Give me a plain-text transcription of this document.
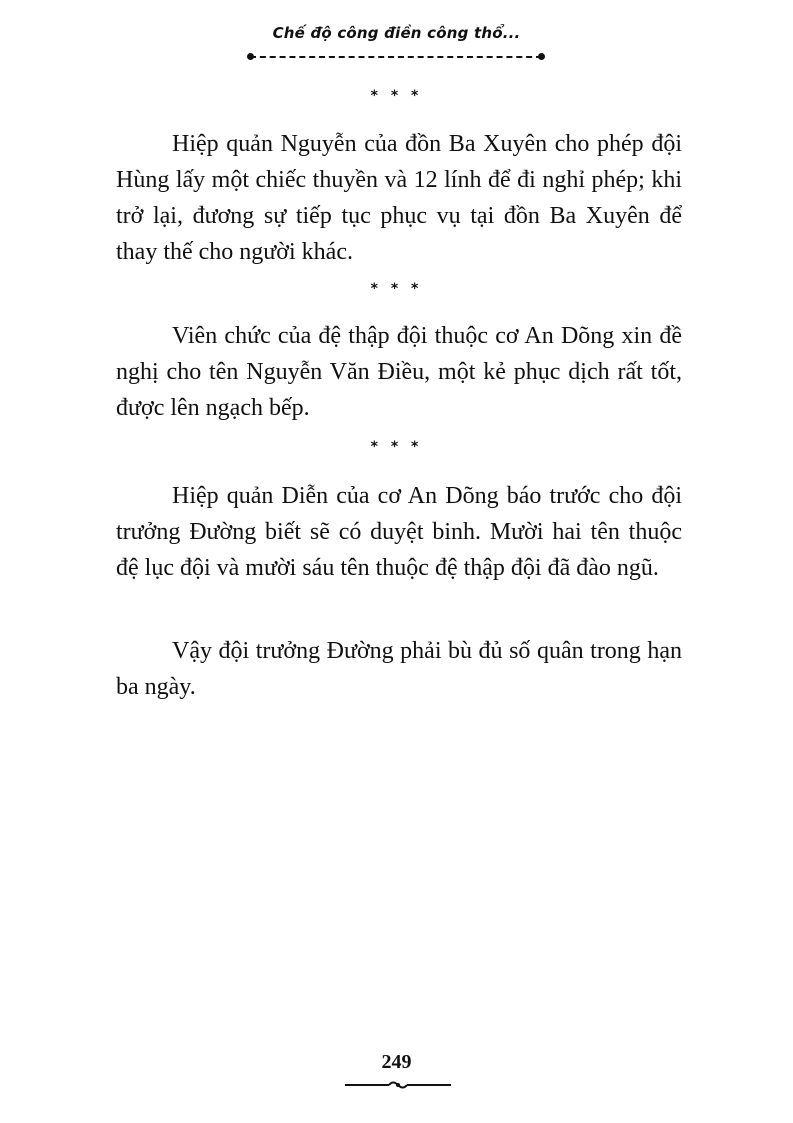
Chế độ công điền công thổ...
* * *

Hiệp quản Nguyễn của đồn Ba Xuyên cho phép đội Hùng lấy một chiếc thuyền và 12 lính để đi nghỉ phép; khi trở lại, đương sự tiếp tục phục vụ tại đồn Ba Xuyên để thay thế cho người khác.

* * *

Viên chức của đệ thập đội thuộc cơ An Dõng xin đề nghị cho tên Nguyễn Văn Điều, một kẻ phục dịch rất tốt, được lên ngạch bếp.

* * *

Hiệp quản Diễn của cơ An Dõng báo trước cho đội trưởng Đường biết sẽ có duyệt binh. Mười hai tên thuộc đệ lục đội và mười sáu tên thuộc đệ thập đội đã đào ngũ.

Vậy đội trưởng Đường phải bù đủ số quân trong hạn ba ngày.

249
